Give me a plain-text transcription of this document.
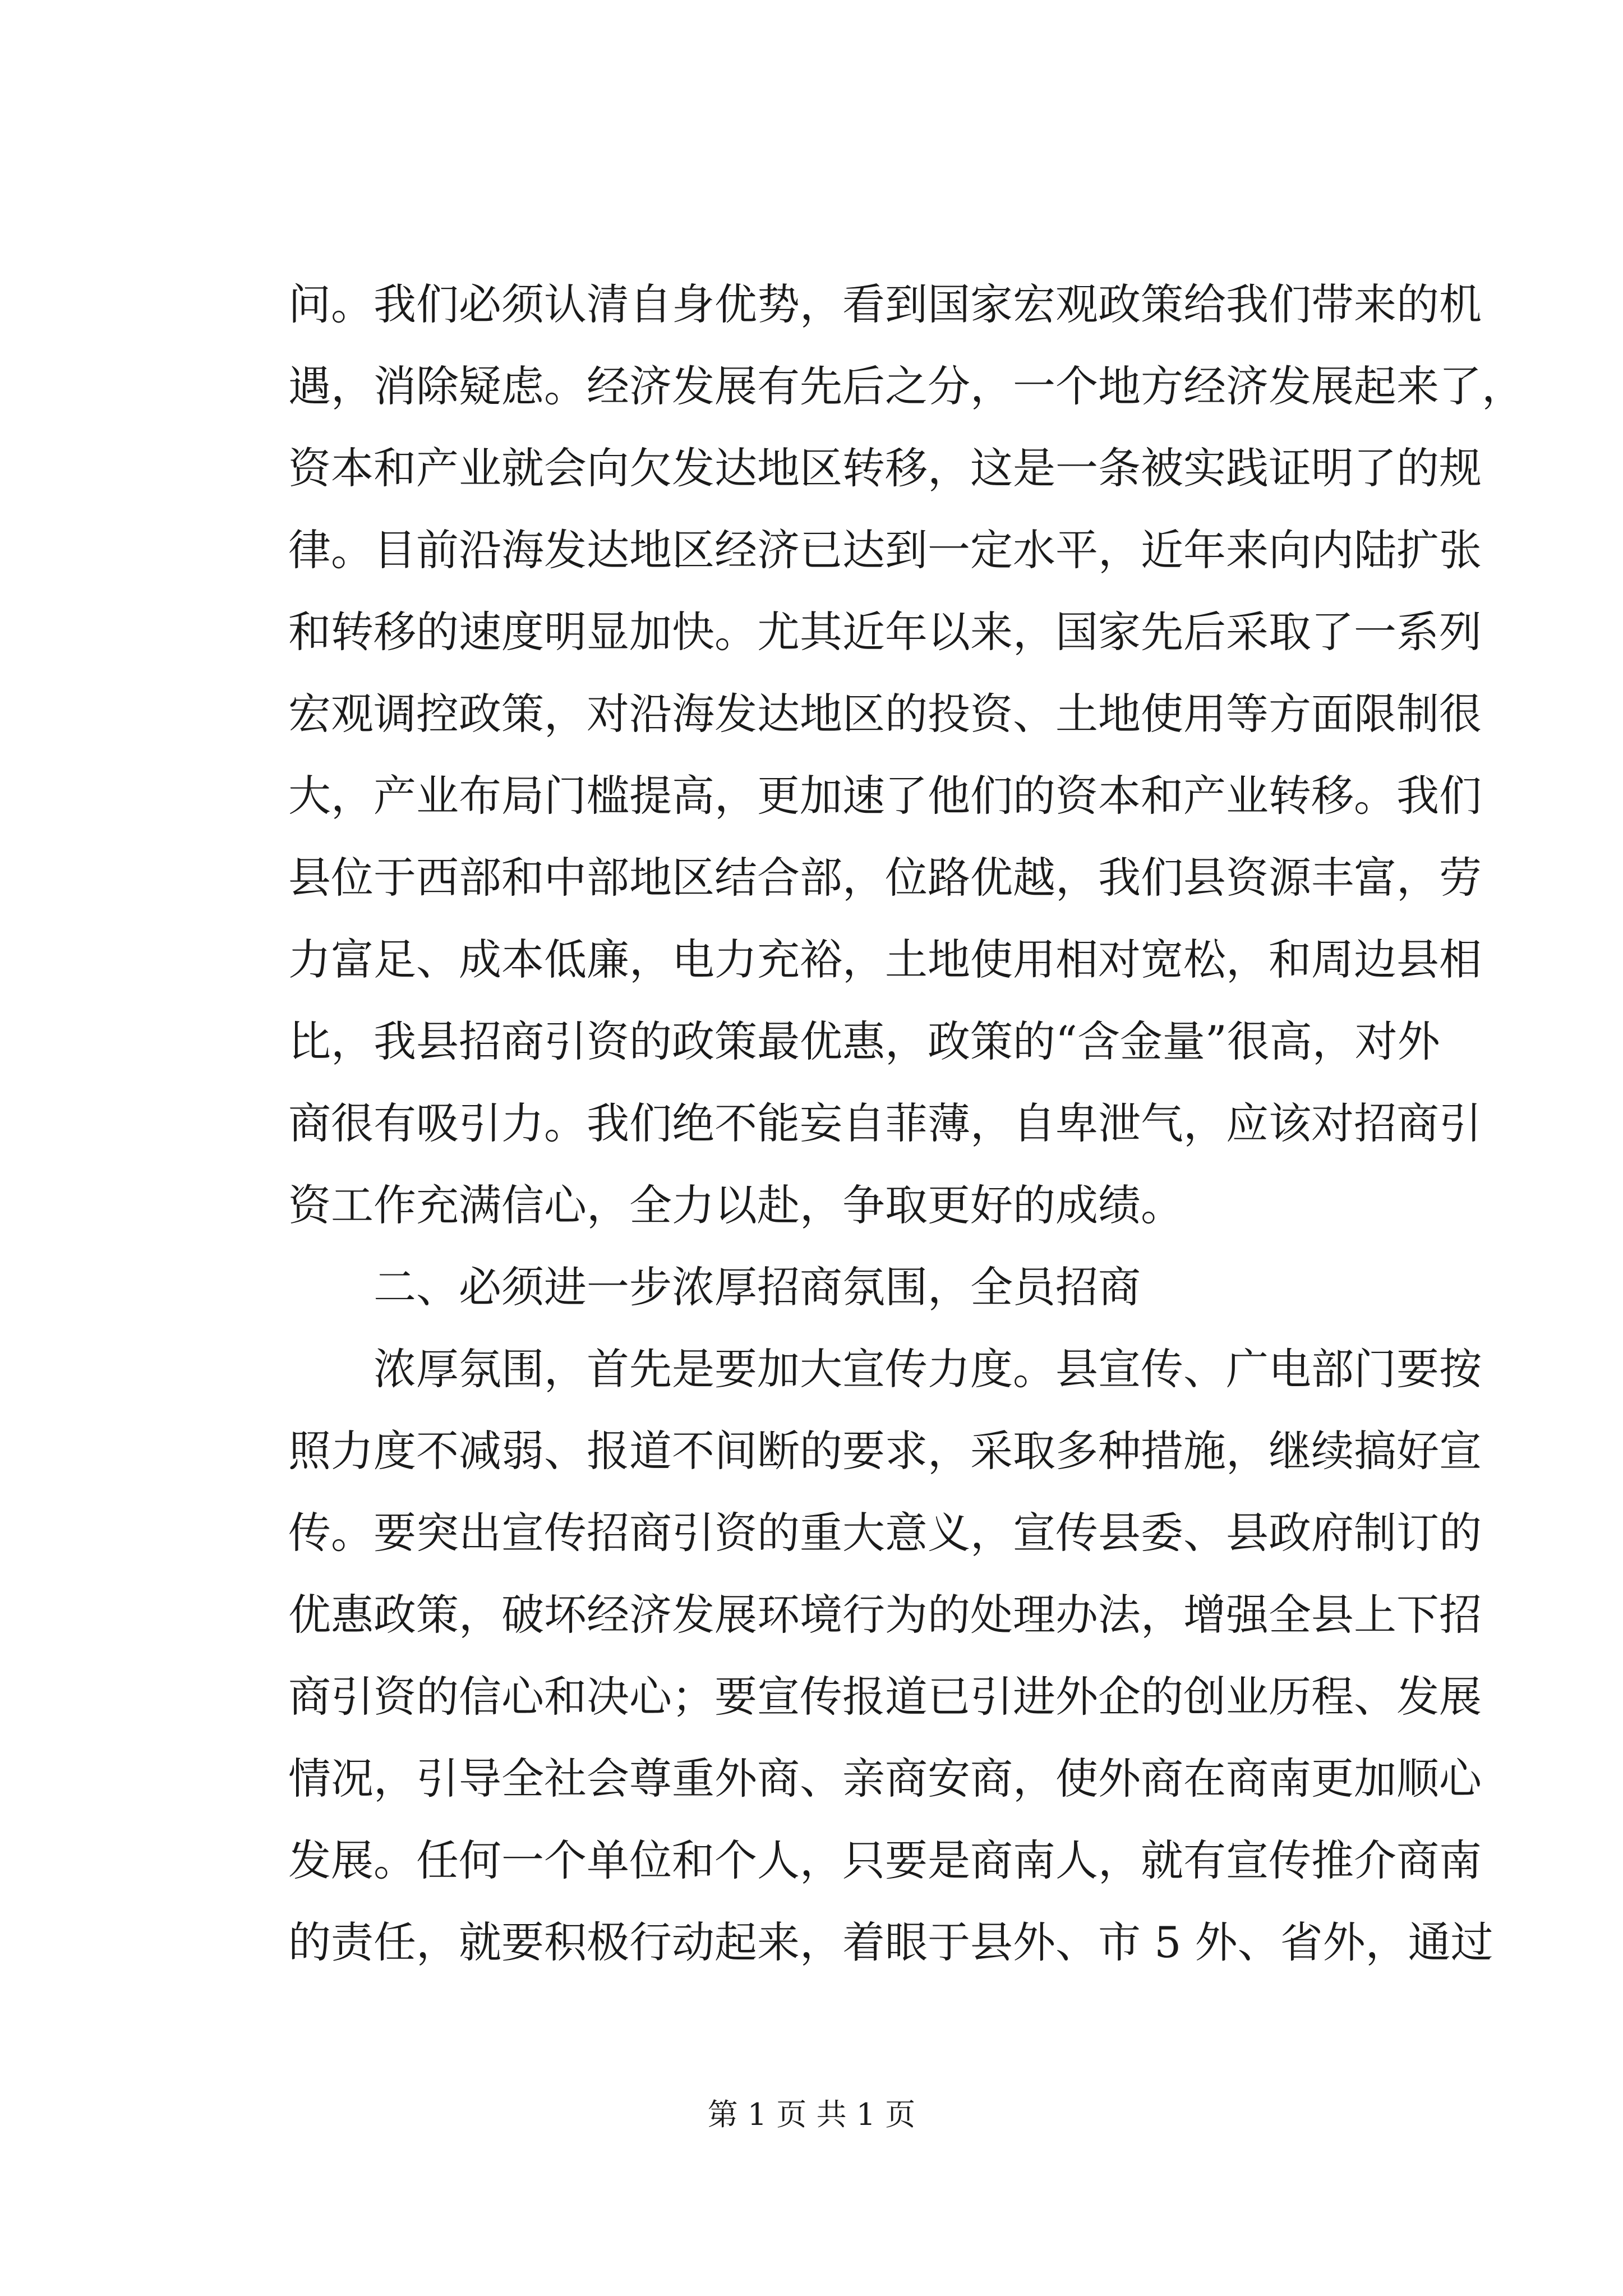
问。我们必须认清自身优势，看到国家宏观政策给我们带来的机
遇，消除疑虑。经济发展有先后之分，一个地方经济发展起来了，
资本和产业就会向欠发达地区转移，这是一条被实践证明了的规
律。目前沿海发达地区经济已达到一定水平，近年来向内陆扩张
和转移的速度明显加快。尤其近年以来，国家先后采取了一系列
宏观调控政策，对沿海发达地区的投资、土地使用等方面限制很
大，产业布局门槛提高，更加速了他们的资本和产业转移。我们
县位于西部和中部地区结合部，位路优越，我们县资源丰富，劳
力富足、成本低廉，电力充裕，土地使用相对宽松，和周边县相
比，我县招商引资的政策最优惠，政策的“含金量”很高，对外
商很有吸引力。我们绝不能妄自菲薄，自卑泄气，应该对招商引
资工作充满信心，全力以赴，争取更好的成绩。
二、必须进一步浓厚招商氛围，全员招商
浓厚氛围，首先是要加大宣传力度。县宣传、广电部门要按
照力度不减弱、报道不间断的要求，采取多种措施，继续搞好宣
传。要突出宣传招商引资的重大意义，宣传县委、县政府制订的
优惠政策，破坏经济发展环境行为的处理办法，增强全县上下招
商引资的信心和决心；要宣传报道已引进外企的创业历程、发展
情况，引导全社会尊重外商、亲商安商，使外商在商南更加顺心
发展。任何一个单位和个人，只要是商南人，就有宣传推介商南
的责任，就要积极行动起来，着眼于县外、市 5 外、省外，通过
第 1 页 共 1 页
